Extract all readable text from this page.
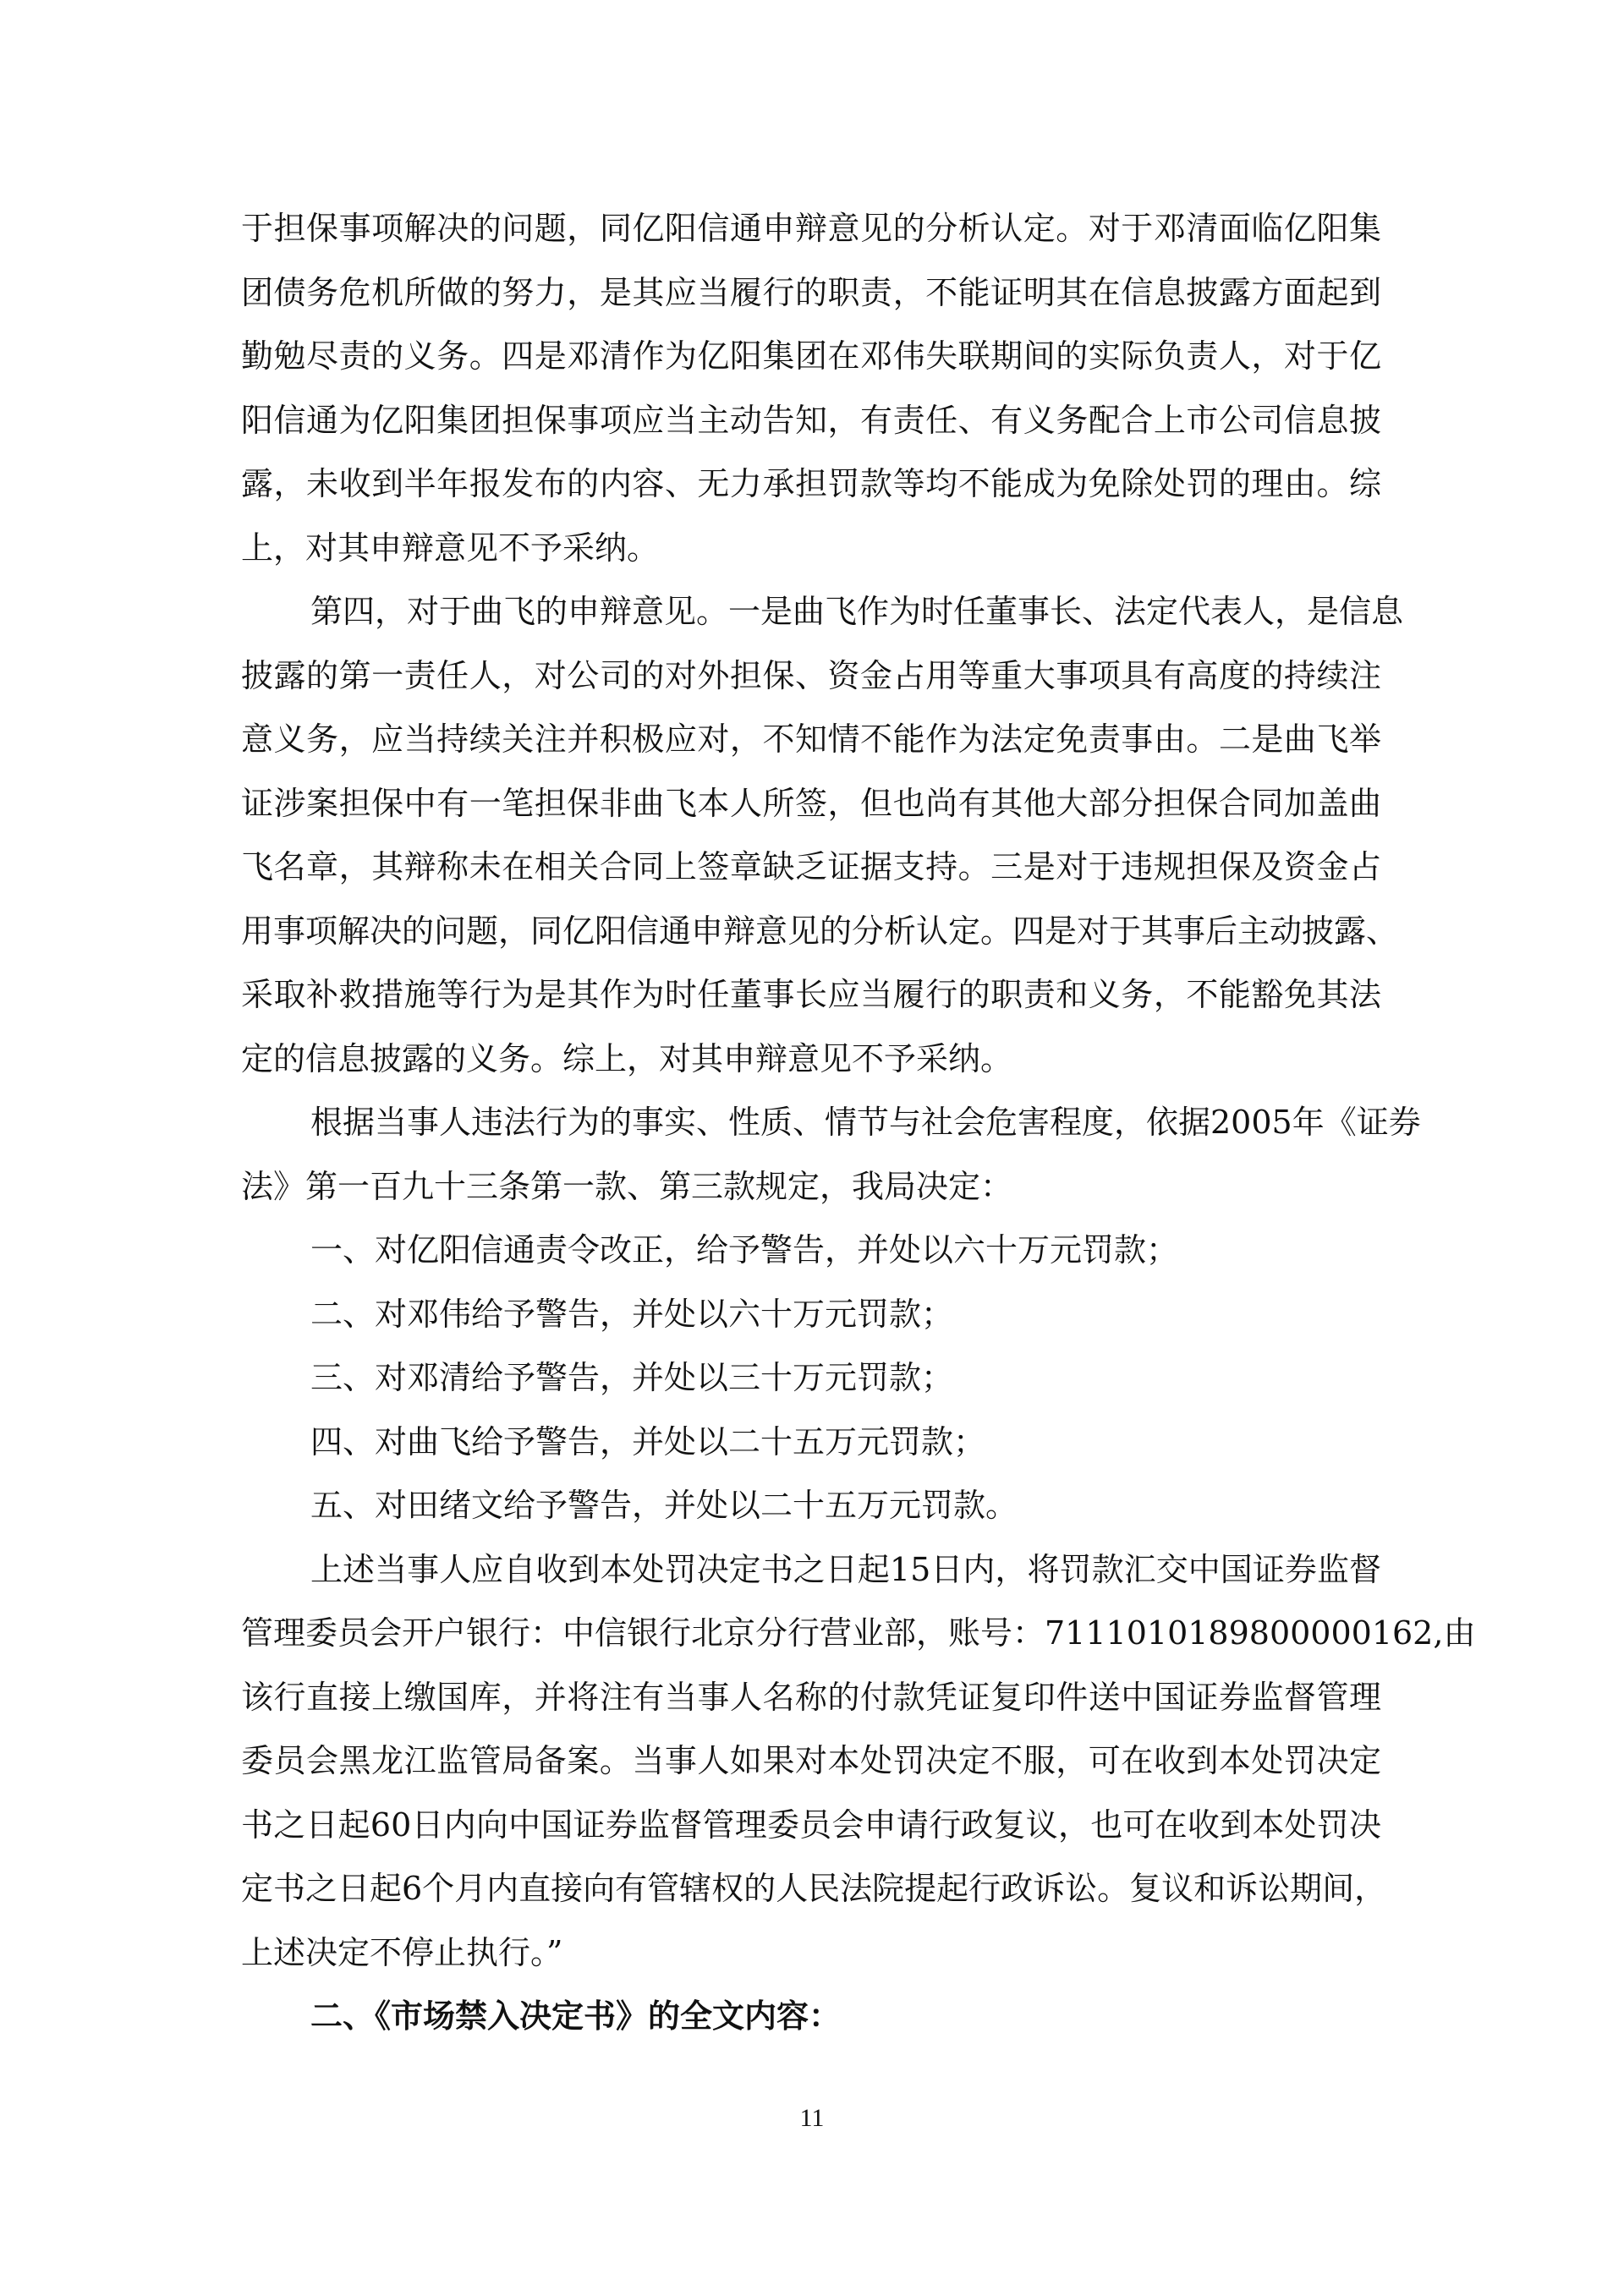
于担保事项解决的问题，同亿阳信通申辩意见的分析认定。对于邓清面临亿阳集
团债务危机所做的努力，是其应当履行的职责，不能证明其在信息披露方面起到
勤勉尽责的义务。四是邓清作为亿阳集团在邓伟失联期间的实际负责人，对于亿
阳信通为亿阳集团担保事项应当主动告知，有责任、有义务配合上市公司信息披
露，未收到半年报发布的内容、无力承担罚款等均不能成为免除处罚的理由。综
上，对其申辩意见不予采纳。
第四，对于曲飞的申辩意见。一是曲飞作为时任董事长、法定代表人，是信息
披露的第一责任人，对公司的对外担保、资金占用等重大事项具有高度的持续注
意义务，应当持续关注并积极应对，不知情不能作为法定免责事由。二是曲飞举
证涉案担保中有一笔担保非曲飞本人所签，但也尚有其他大部分担保合同加盖曲
飞名章，其辩称未在相关合同上签章缺乏证据支持。三是对于违规担保及资金占
用事项解决的问题，同亿阳信通申辩意见的分析认定。四是对于其事后主动披露、
采取补救措施等行为是其作为时任董事长应当履行的职责和义务，不能豁免其法
定的信息披露的义务。综上，对其申辩意见不予采纳。
根据当事人违法行为的事实、性质、情节与社会危害程度，依据2005年《证券
法》第一百九十三条第一款、第三款规定，我局决定：
一、对亿阳信通责令改正，给予警告，并处以六十万元罚款；
二、对邓伟给予警告，并处以六十万元罚款；
三、对邓清给予警告，并处以三十万元罚款；
四、对曲飞给予警告，并处以二十五万元罚款；
五、对田绪文给予警告，并处以二十五万元罚款。
上述当事人应自收到本处罚决定书之日起15日内，将罚款汇交中国证券监督
管理委员会开户银行：中信银行北京分行营业部，账号：7111010189800000162,由
该行直接上缴国库，并将注有当事人名称的付款凭证复印件送中国证券监督管理
委员会黑龙江监管局备案。当事人如果对本处罚决定不服，可在收到本处罚决定
书之日起60日内向中国证券监督管理委员会申请行政复议，也可在收到本处罚决
定书之日起6个月内直接向有管辖权的人民法院提起行政诉讼。复议和诉讼期间，
上述决定不停止执行。”
二、《市场禁入决定书》的全文内容：
11
